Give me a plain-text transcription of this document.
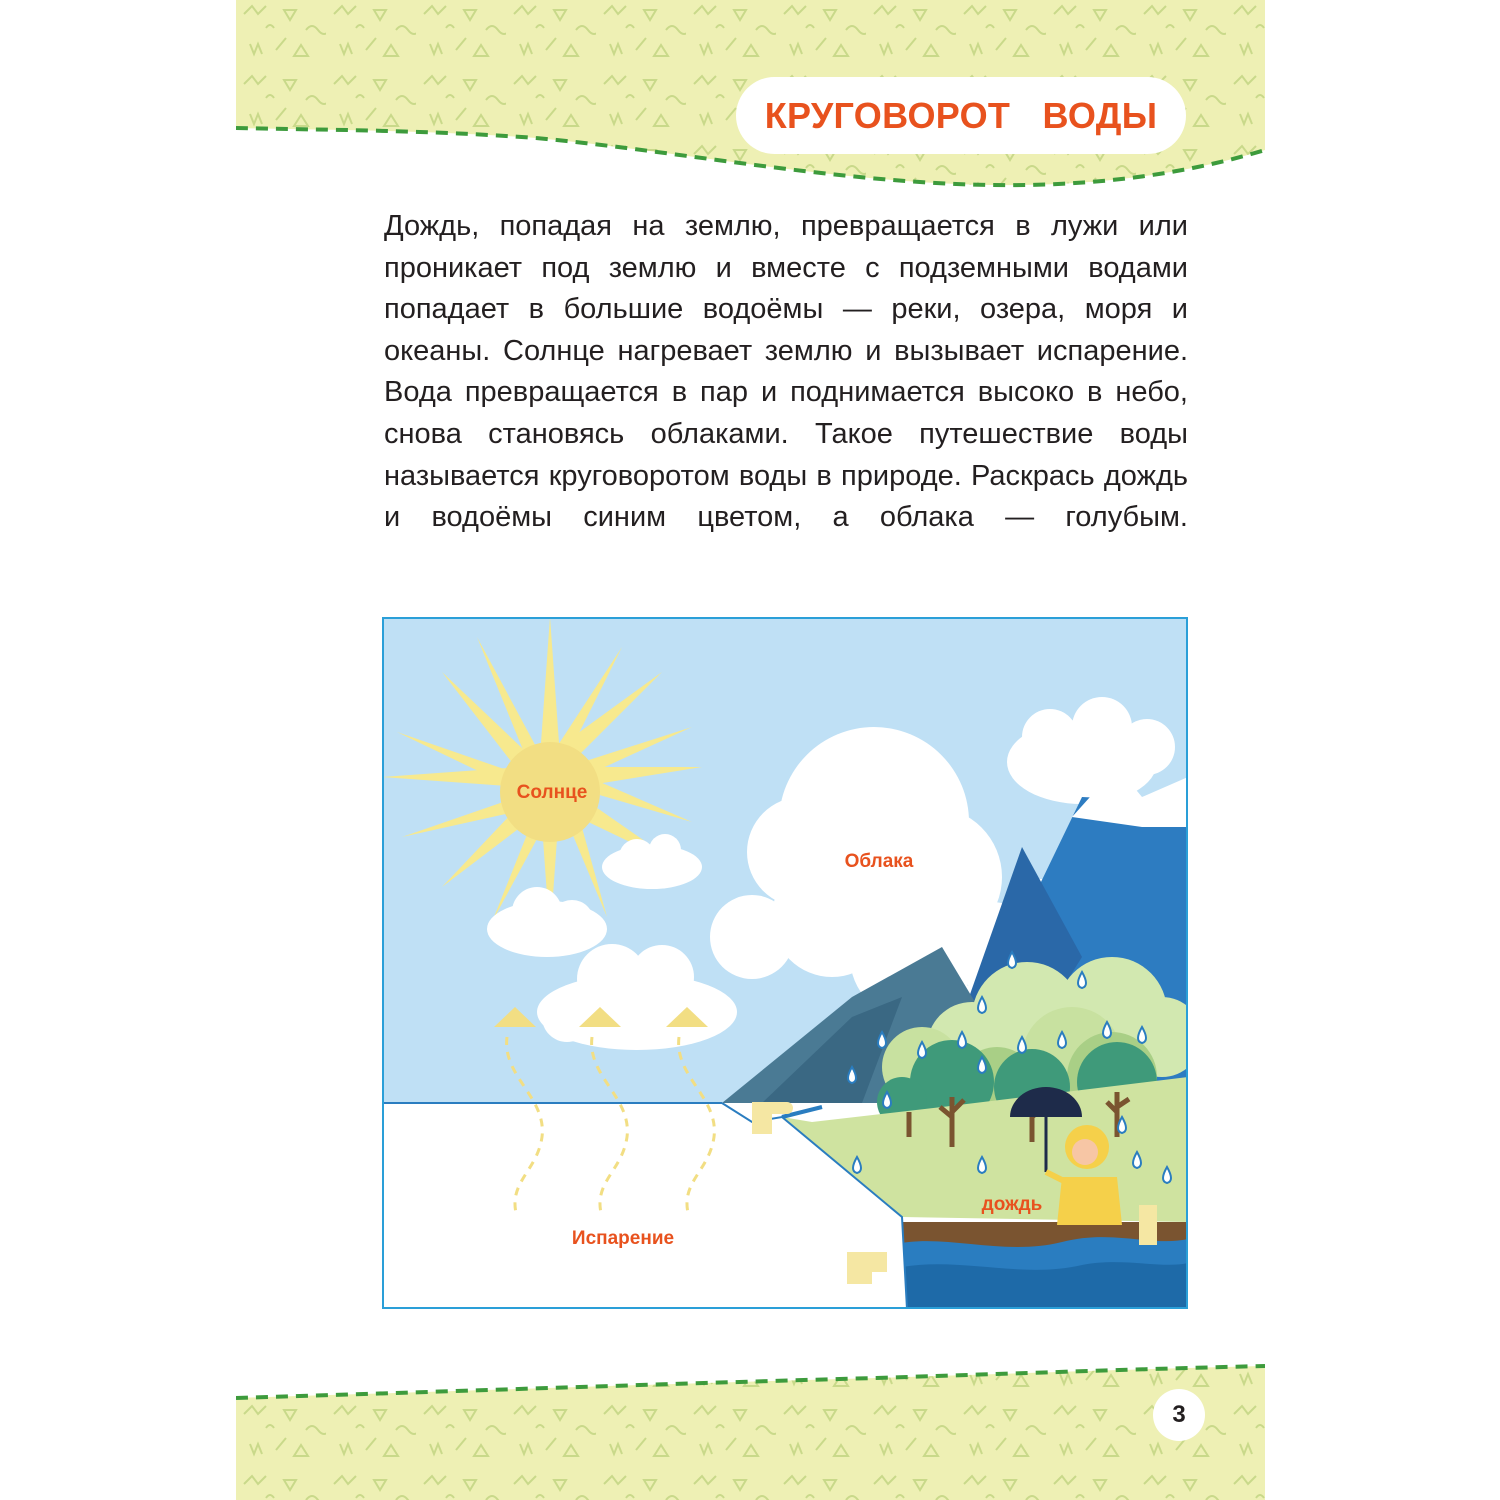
КРУГОВОРОТ ВОДЫ

Дождь, попадая на землю, превращается в лужи или проникает под землю и вместе с подземными водами попадает в большие водоёмы — реки, озера, моря и океаны. Солнце нагревает землю и вызывает испарение. Вода превращается в пар и поднимается высоко в небо, снова становясь облаками. Такое путешествие воды называется круговоротом воды в природе. Раскрась дождь и водоёмы синим цветом, а облака — голубым.

Солнце
Облака
Испарение
дождь
3
